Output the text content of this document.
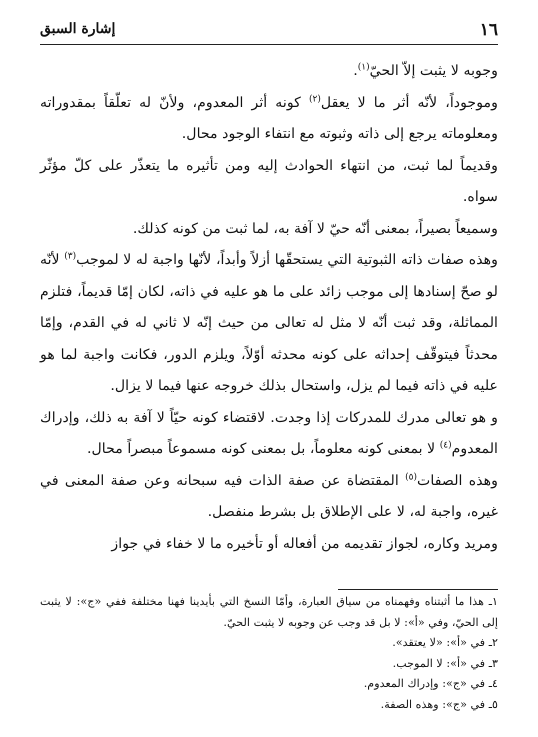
١٦
إشارة السبق

وجوبه لا يثبت إلاّ الحيّ$^{(١)}$.

وموجوداً، لأنّه أثر ما لا يعقل$^{(٢)}$ كونه أثر المعدوم، ولأنّ له تعلّقاً بمقدوراته ومعلوماته يرجع إلى ذاته وثبوته مع انتفاء الوجود محال.

وقديماً لما ثبت، من انتهاء الحوادث إليه ومن تأثيره ما يتعذّر على كلّ مؤثّر سواه.

وسميعاً بصيراً، بمعنى أنّه حيّ لا آفة به، لما ثبت من كونه كذلك.

وهذه صفات ذاته الثبوتية التي يستحقّها أزلاً وأبداً، لأنّها واجبة له لا لموجب$^{(٣)}$ لأنّه لو صحّ إسنادها إلى موجب زائد على ما هو عليه في ذاته، لكان إمّا قديماً، فتلزم المماثلة، وقد ثبت أنّه لا مثل له تعالى من حيث إنّه لا ثاني له في القدم، وإمّا محدثاً فيتوقّف إحداثه على كونه محدثه أوّلاً، ويلزم الدور، فكانت واجبة لما هو عليه في ذاته فيما لم يزل، واستحال بذلك خروجه عنها فيما لا يزال.

و هو تعالى مدرك للمدركات إذا وجدت. لاقتضاء كونه حيّاً لا آفة به ذلك، وإدراك المعدوم$^{(٤)}$ لا بمعنى كونه معلوماً، بل بمعنى كونه مسموعاً مبصراً محال.

وهذه الصفات$^{(٥)}$ المقتضاة عن صفة الذات فيه سبحانه وعن صفة المعنى في غيره، واجبة له، لا على الإطلاق بل بشرط منفصل.

ومريد وكاره، لجواز تقديمه من أفعاله أو تأخيره ما لا خفاء في جواز

١ـ هذا ما أثبتناه وفهمناه من سياق العبارة، وأمّا النسخ التي بأيدينا فهنا مختلفة ففي «ج»: لا يثبت إلى الحيّ، وفي «أ»: لا بل قد وجب عن وجوبه لا يثبت الحيّ.

٢ـ في «أ»: «لا يعتقد».

٣ـ في «أ»: لا الموجب.

٤ـ في «ج»: وإدراك المعدوم.

٥ـ في «ج»: وهذه الصفة.
